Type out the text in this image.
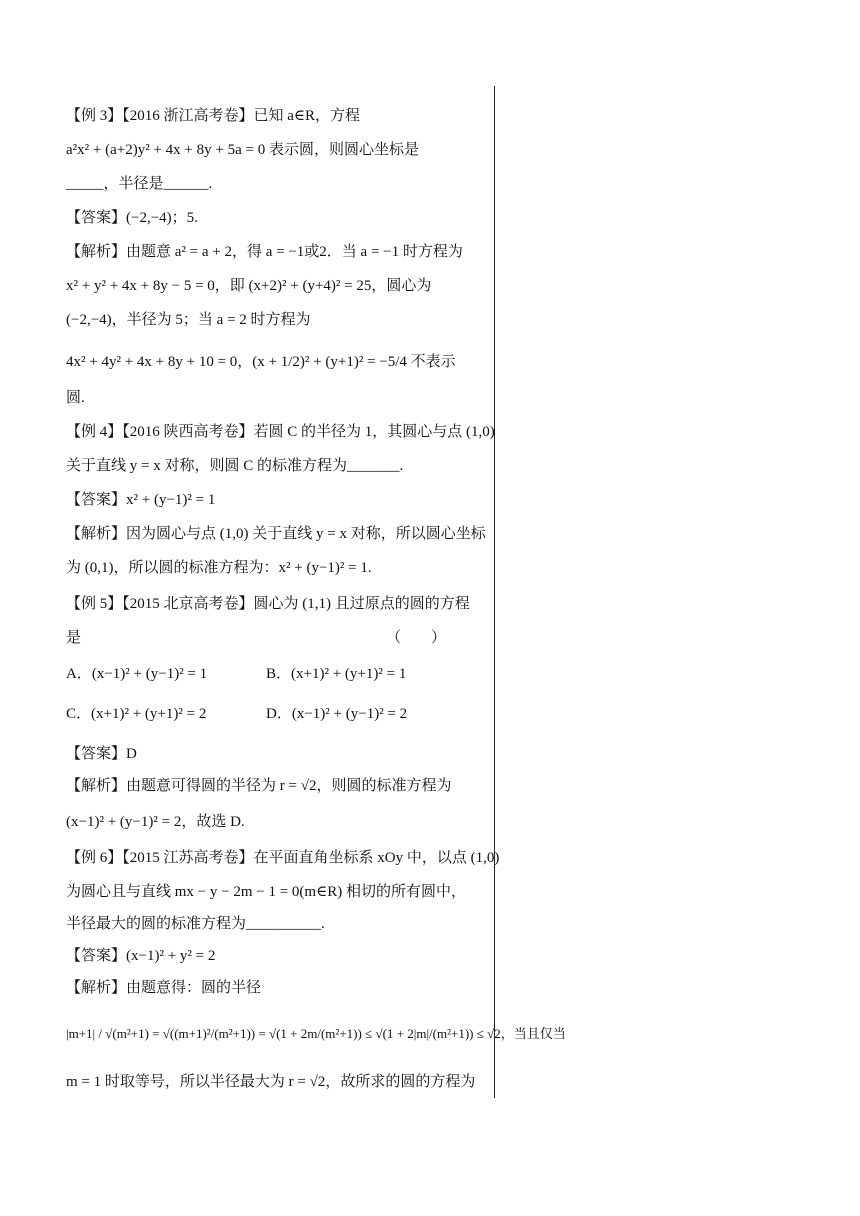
【例 3】【2016 浙江高考卷】已知 a∈R，方程
a²x² + (a+2)y² + 4x + 8y + 5a = 0 表示圆，则圆心坐标是
_____，半径是______.
【答案】(−2,−4)；5.
【解析】由题意 a² = a + 2，得 a = −1或2．当 a = −1 时方程为
x² + y² + 4x + 8y − 5 = 0，即 (x+2)² + (y+4)² = 25，圆心为
(−2,−4)，半径为 5；当 a = 2 时方程为
4x² + 4y² + 4x + 8y + 10 = 0，(x + 1/2)² + (y+1)² = −5/4 不表示
圆.
【例 4】【2016 陕西高考卷】若圆 C 的半径为 1，其圆心与点 (1,0)
关于直线 y = x 对称，则圆 C 的标准方程为_______.
【答案】x² + (y−1)² = 1
【解析】因为圆心与点 (1,0) 关于直线 y = x 对称，所以圆心坐标
为 (0,1)，所以圆的标准方程为：x² + (y−1)² = 1.
【例 5】【2015 北京高考卷】圆心为 (1,1) 且过原点的圆的方程
是	（　　）
A．(x−1)² + (y−1)² = 1	B．(x+1)² + (y+1)² = 1
C．(x+1)² + (y+1)² = 2	D．(x−1)² + (y−1)² = 2
【答案】D
【解析】由题意可得圆的半径为 r = √2，则圆的标准方程为
(x−1)² + (y−1)² = 2，故选 D.
【例 6】【2015 江苏高考卷】在平面直角坐标系 xOy 中，以点 (1,0)
为圆心且与直线 mx − y − 2m − 1 = 0(m∈R) 相切的所有圆中，
半径最大的圆的标准方程为__________.
【答案】(x−1)² + y² = 2
【解析】由题意得：圆的半径
|m+1| / √(m²+1) = √((m+1)²/(m²+1)) = √(1 + 2m/(m²+1)) ≤ √(1 + 2|m|/(m²+1)) ≤ √2，当且仅当
m = 1 时取等号，所以半径最大为 r = √2，故所求的圆的方程为
